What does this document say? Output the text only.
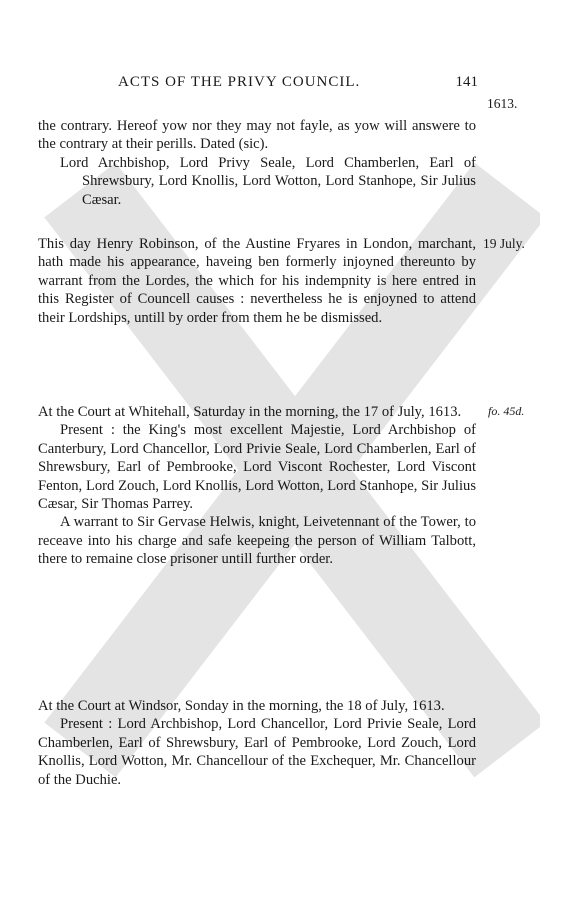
ACTS OF THE PRIVY COUNCIL.	141
1613.

the contrary. Hereof yow nor they may not fayle, as yow will answere to the contrary at their perills. Dated (sic).

Lord Archbishop, Lord Privy Seale, Lord Chamberlen, Earl of Shrewsbury, Lord Knollis, Lord Wotton, Lord Stanhope, Sir Julius Cæsar.

This day Henry Robinson, of the Austine Fryares in London, marchant, hath made his appearance, haveing ben formerly injoyned thereunto by warrant from the Lordes, the which for his indempnity is here entred in this Register of Councell causes : nevertheless he is enjoyned to attend their Lordships, untill by order from them he be dismissed.

19 July.

At the Court at Whitehall, Saturday in the morning, the 17 of July, 1613.

Present : the King's most excellent Majestie, Lord Archbishop of Canterbury, Lord Chancellor, Lord Privie Seale, Lord Chamberlen, Earl of Shrewsbury, Earl of Pembrooke, Lord Viscont Rochester, Lord Viscont Fenton, Lord Zouch, Lord Knollis, Lord Wotton, Lord Stanhope, Sir Julius Cæsar, Sir Thomas Parrey.

A warrant to Sir Gervase Helwis, knight, Leivetennant of the Tower, to receave into his charge and safe keepeing the person of William Talbott, there to remaine close prisoner untill further order.

fo. 45d.

At the Court at Windsor, Sonday in the morning, the 18 of July, 1613.

Present : Lord Archbishop, Lord Chancellor, Lord Privie Seale, Lord Chamberlen, Earl of Shrewsbury, Earl of Pembrooke, Lord Zouch, Lord Knollis, Lord Wotton, Mr. Chancellour of the Exchequer, Mr. Chancellour of the Duchie.
